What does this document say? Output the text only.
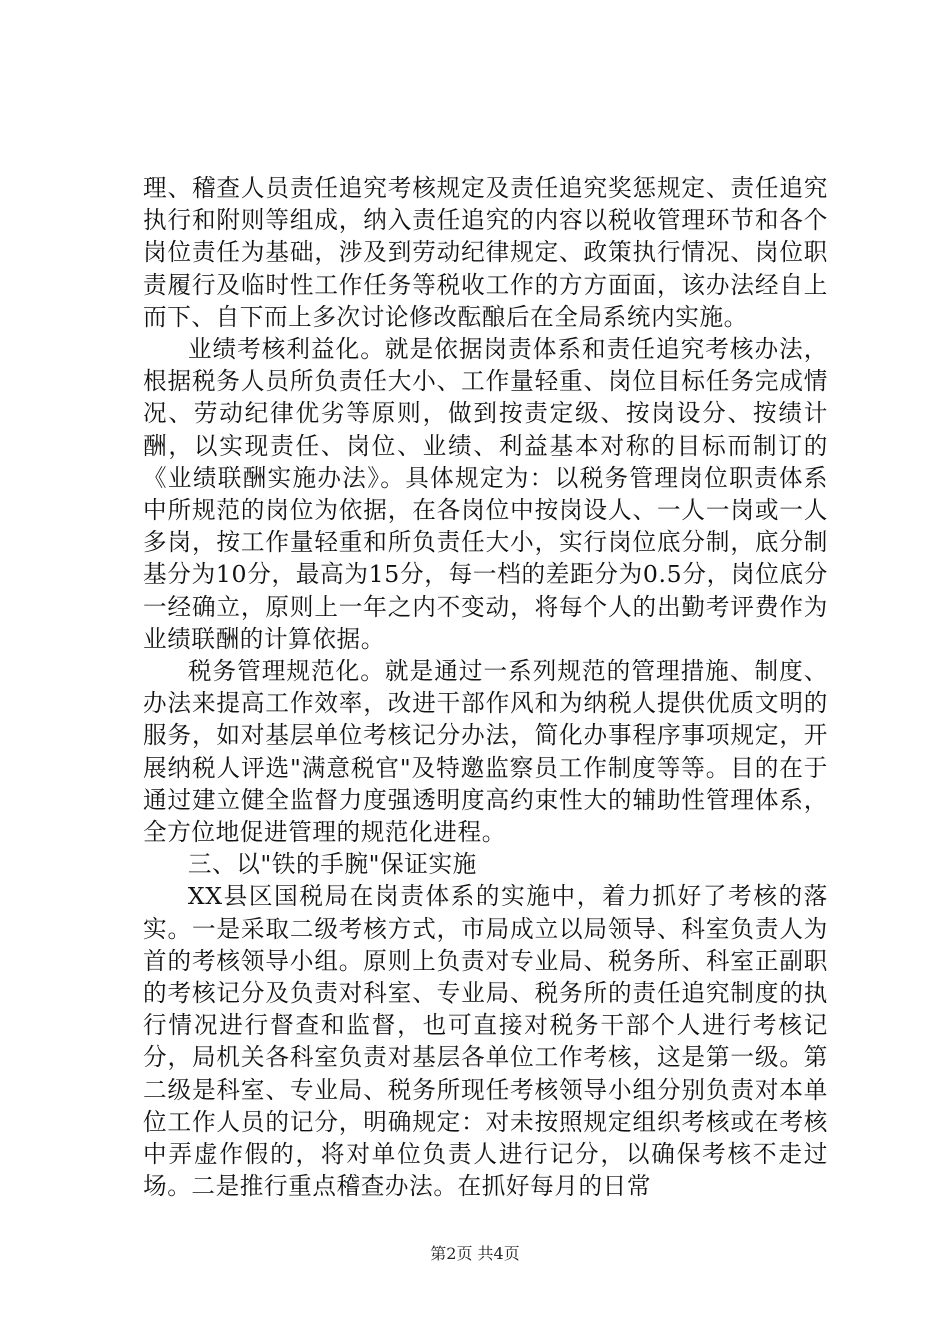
理、稽查人员责任追究考核规定及责任追究奖惩规定、责任追究执行和附则等组成，纳入责任追究的内容以税收管理环节和各个岗位责任为基础，涉及到劳动纪律规定、政策执行情况、岗位职责履行及临时性工作任务等税收工作的方方面面，该办法经自上而下、自下而上多次讨论修改酝酿后在全局系统内实施。

业绩考核利益化。就是依据岗责体系和责任追究考核办法，根据税务人员所负责任大小、工作量轻重、岗位目标任务完成情况、劳动纪律优劣等原则，做到按责定级、按岗设分、按绩计酬，以实现责任、岗位、业绩、利益基本对称的目标而制订的《业绩联酬实施办法》。具体规定为：以税务管理岗位职责体系中所规范的岗位为依据，在各岗位中按岗设人、一人一岗或一人多岗，按工作量轻重和所负责任大小，实行岗位底分制，底分制基分为10分，最高为15分，每一档的差距分为0.5分，岗位底分一经确立，原则上一年之内不变动，将每个人的出勤考评费作为业绩联酬的计算依据。

税务管理规范化。就是通过一系列规范的管理措施、制度、办法来提高工作效率，改进干部作风和为纳税人提供优质文明的服务，如对基层单位考核记分办法，简化办事程序事项规定，开展纳税人评选"满意税官"及特邀监察员工作制度等等。目的在于通过建立健全监督力度强透明度高约束性大的辅助性管理体系，全方位地促进管理的规范化进程。

三、以"铁的手腕"保证实施

XX县区国税局在岗责体系的实施中，着力抓好了考核的落实。一是采取二级考核方式，市局成立以局领导、科室负责人为首的考核领导小组。原则上负责对专业局、税务所、科室正副职的考核记分及负责对科室、专业局、税务所的责任追究制度的执行情况进行督查和监督，也可直接对税务干部个人进行考核记分，局机关各科室负责对基层各单位工作考核，这是第一级。第二级是科室、专业局、税务所现任考核领导小组分别负责对本单位工作人员的记分，明确规定：对未按照规定组织考核或在考核中弄虚作假的，将对单位负责人进行记分，以确保考核不走过场。二是推行重点稽查办法。在抓好每月的日常

第2页 共4页
